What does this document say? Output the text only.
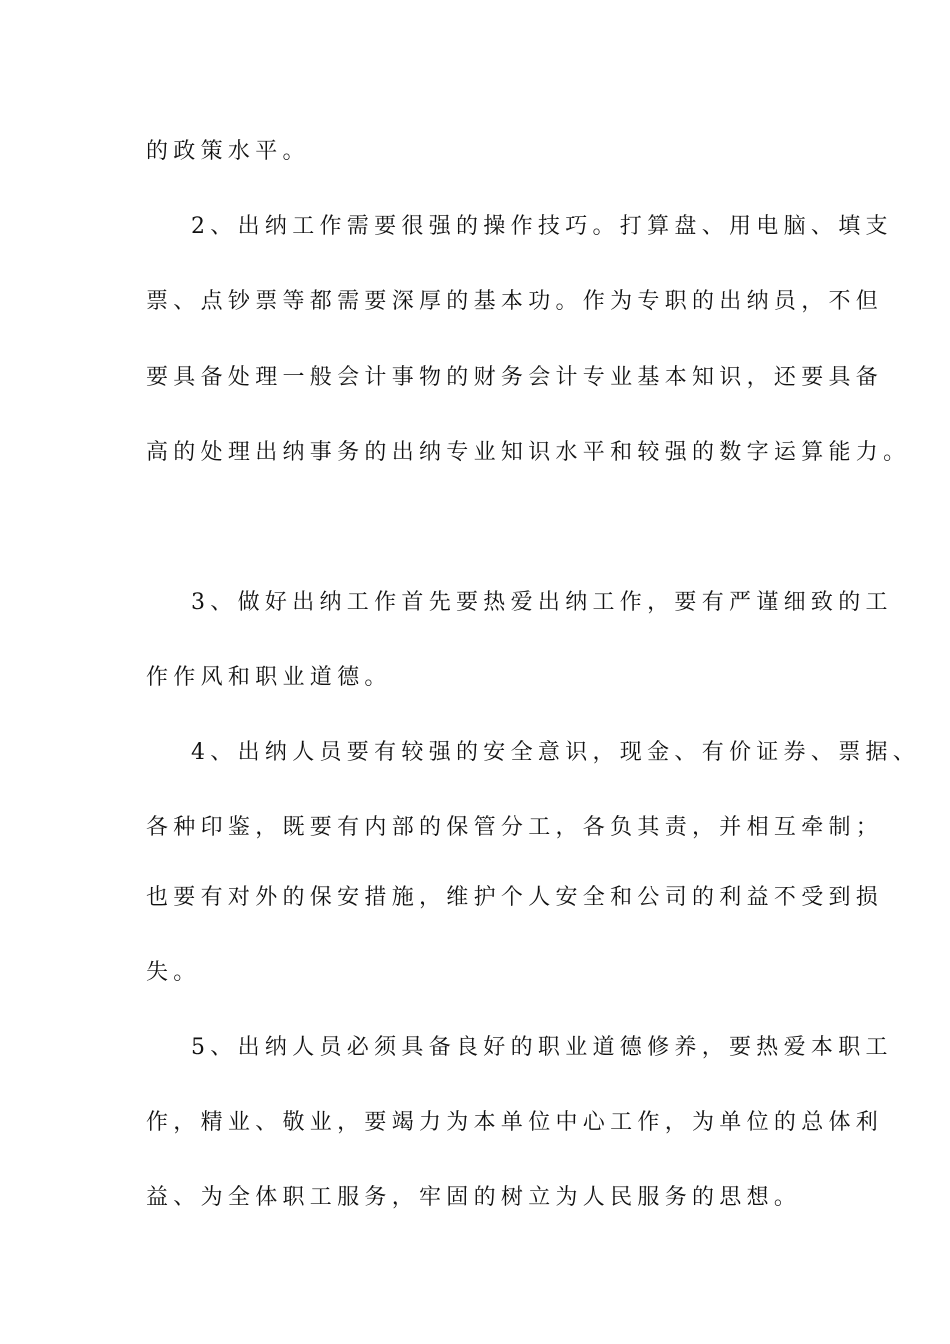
的政策水平。
2、出纳工作需要很强的操作技巧。打算盘、用电脑、填支
票、点钞票等都需要深厚的基本功。作为专职的出纳员，不但
要具备处理一般会计事物的财务会计专业基本知识，还要具备
高的处理出纳事务的出纳专业知识水平和较强的数字运算能力。
3、做好出纳工作首先要热爱出纳工作，要有严谨细致的工
作作风和职业道德。
4、出纳人员要有较强的安全意识，现金、有价证券、票据、
各种印鉴，既要有内部的保管分工，各负其责，并相互牵制；
也要有对外的保安措施，维护个人安全和公司的利益不受到损
失。
5、出纳人员必须具备良好的职业道德修养，要热爱本职工
作，精业、敬业，要竭力为本单位中心工作，为单位的总体利
益、为全体职工服务，牢固的树立为人民服务的思想。
